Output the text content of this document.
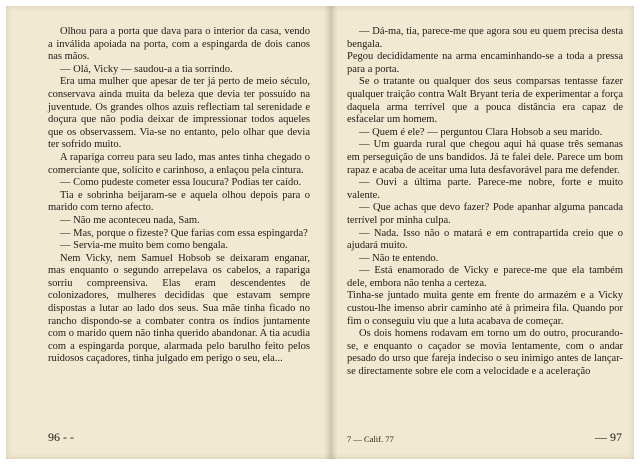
Olhou para a porta que dava para o interior da casa, vendo a inválida apoiada na porta, com a espingarda de dois canos nas mãos.

— Olá, Vicky — saudou-a a tia sorrindo.

Era uma mulher que apesar de ter já perto de meio século, conservava ainda muita da beleza que devia ter possuído na juventude. Os grandes olhos azuis reflectiam tal serenidade e doçura que não podia deixar de impressionar todos aqueles que os observassem. Via-se no entanto, pelo olhar que devia ter sofrido muito.

A rapariga correu para seu lado, mas antes tinha chegado o comerciante que, solícito e carinhoso, a enlaçou pela cintura.

— Como pudeste cometer essa loucura? Podias ter caído.

Tia e sobrinha beijaram-se e aquela olhou depois para o marido com terno afecto.

— Não me aconteceu nada, Sam.

— Mas, porque o fizeste? Que farias com essa espingarda?

— Servia-me muito bem como bengala.

Nem Vicky, nem Samuel Hobsob se deixaram enganar, mas enquanto o segundo arrepelava os cabelos, a rapariga sorriu compreensiva. Elas eram descendentes de colonizadores, mulheres decididas que estavam sempre dispostas a lutar ao lado dos seus. Sua mãe tinha ficado no rancho dispondo-se a combater contra os índios juntamente com o marido quem não tinha querido abandonar. A tia acudia com a espingarda porque, alarmada pelo barulho feito pelos ruidosos caçadores, tinha julgado em perigo o seu, ela...

96 - -

— Dá-ma, tia, parece-me que agora sou eu quem precisa desta bengala.

Pegou decididamente na arma encaminhando-se a toda a pressa para a porta.

Se o tratante ou qualquer dos seus comparsas tentasse fazer qualquer traição contra Walt Bryant teria de experimentar a força daquela arma terrível que a pouca distância era capaz de esfacelar um homem.

— Quem é ele? — perguntou Clara Hobsob a seu marido.

— Um guarda rural que chegou aqui há quase três semanas em perseguição de uns bandidos. Já te falei dele. Parece um bom rapaz e acaba de aceitar uma luta desfavorável para me defender.

— Ouvi a última parte. Parece-me nobre, forte e muito valente.

— Que achas que devo fazer? Pode apanhar alguma pancada terrível por minha culpa.

— Nada. Isso não o matará e em contrapartida creio que o ajudará muito.

— Não te entendo.

— Está enamorado de Vicky e parece-me que ela também dele, embora não tenha a certeza.

Tinha-se juntado muita gente em frente do armazém e a Vicky custou-lhe imenso abrir caminho até à primeira fila. Quando por fim o conseguiu viu que a luta acabava de começar.

Os dois homens rodavam em torno um do outro, procurando-se, e enquanto o caçador se movia lentamente, com o andar pesado do urso que fareja indeciso o seu inimigo antes de lançar-se directamente sobre ele com a velocidade e a aceleração

7 — Calif. 77	— 97
